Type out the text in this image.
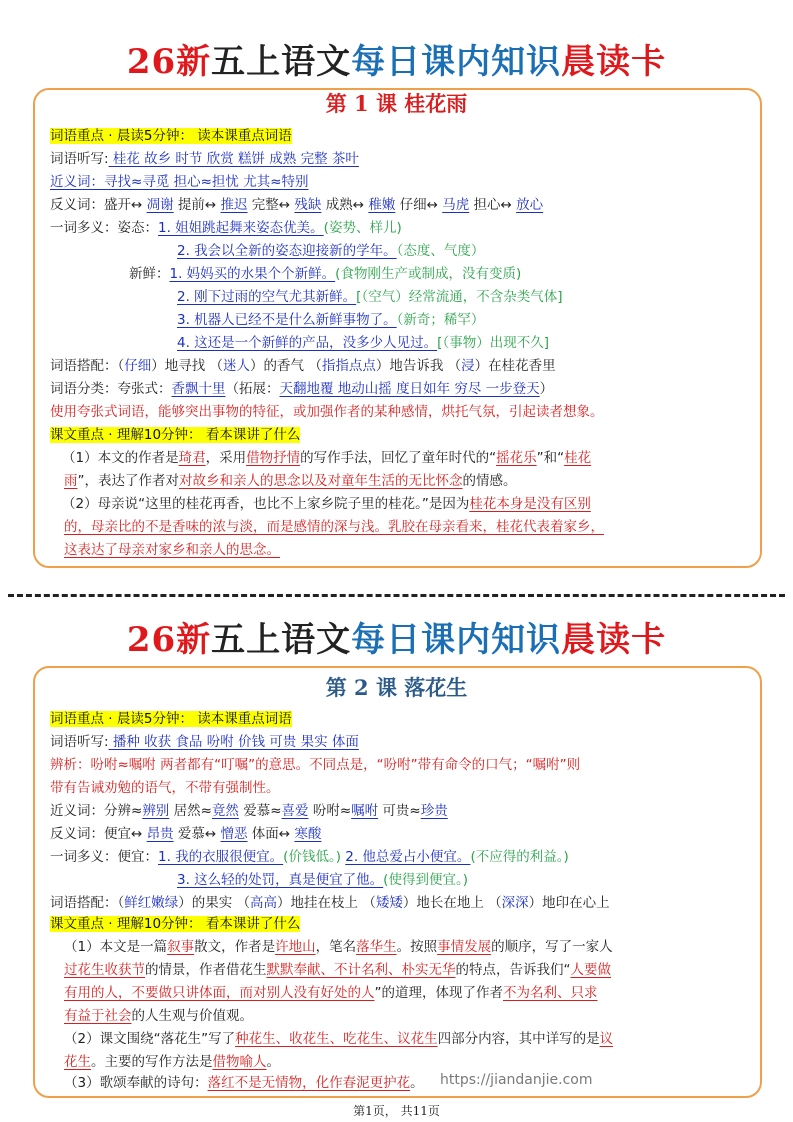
26新五上语文每日课内知识晨读卡
第 1 课 桂花雨
词语重点 · 晨读5分钟： 读本课重点词语
词语听写: 桂花 故乡 时节 欣赏 糕饼 成熟 完整 茶叶
近义词：寻找≈寻觅 担心≈担忧 尤其≈特别
反义词：盛开↔ 凋谢 提前↔ 推迟 完整↔ 残缺 成熟↔ 稚嫩 仔细↔ 马虎 担心↔ 放心
一词多义：姿态：1. 姐姐跳起舞来姿态优美。(姿势、样儿)
2. 我会以全新的姿态迎接新的学年。（态度、气度）
新鲜：1. 妈妈买的水果个个新鲜。(食物刚生产或制成，没有变质)
2. 刚下过雨的空气尤其新鲜。[（空气）经常流通，不含杂类气体]
3. 机器人已经不是什么新鲜事物了。（新奇；稀罕）
4. 这还是一个新鲜的产品，没多少人见过。[（事物）出现不久]
词语搭配：（仔细）地寻找 （迷人）的香气 （指指点点）地告诉我 （浸）在桂花香里
词语分类：夸张式：香飘十里（拓展：天翻地覆 地动山摇 度日如年 穷尽 一步登天）
使用夸张式词语，能够突出事物的特征，或加强作者的某种感情，烘托气氛，引起读者想象。
课文重点 · 理解10分钟： 看本课讲了什么
（1）本文的作者是琦君，采用借物抒情的写作手法，回忆了童年时代的“摇花乐”和“桂花
雨”，表达了作者对对故乡和亲人的思念以及对童年生活的无比怀念的情感。
（2）母亲说“这里的桂花再香，也比不上家乡院子里的桂花。”是因为桂花本身是没有区别
的，母亲比的不是香味的浓与淡，而是感情的深与浅。乳胶在母亲看来，桂花代表着家乡，
这表达了母亲对家乡和亲人的思念。
26新五上语文每日课内知识晨读卡
第 2 课 落花生
词语重点 · 晨读5分钟： 读本课重点词语
词语听写: 播种 收获 食品 吩咐 价钱 可贵 果实 体面
辨析：吩咐≈嘱咐 两者都有“叮嘱”的意思。不同点是，“吩咐”带有命令的口气；“嘱咐”则
带有告诫劝勉的语气，不带有强制性。
近义词：分辨≈辨别 居然≈竟然 爱慕≈喜爱 吩咐≈嘱咐 可贵≈珍贵
反义词：便宜↔ 昂贵 爱慕↔ 憎恶 体面↔ 寒酸
一词多义：便宜：1. 我的衣服很便宜。(价钱低。) 2. 他总爱占小便宜。(不应得的利益。)
3. 这么轻的处罚，真是便宜了他。(使得到便宜。)
词语搭配：（鲜红嫩绿）的果实 （高高）地挂在枝上 （矮矮）地长在地上 （深深）地印在心上
课文重点 · 理解10分钟： 看本课讲了什么
（1）本文是一篇叙事散文，作者是许地山，笔名落华生。按照事情发展的顺序，写了一家人
过花生收获节的情景，作者借花生默默奉献、不计名利、朴实无华的特点，告诉我们“人要做
有用的人，不要做只讲体面，而对别人没有好处的人”的道理，体现了作者不为名利、只求
有益于社会的人生观与价值观。
（2）课文围绕“落花生”写了种花生、收花生、吃花生、议花生四部分内容，其中详写的是议
花生。主要的写作方法是借物喻人。
（3）歌颂奉献的诗句：落红不是无情物，化作春泥更护花。	https://jiandanjie.com
第1页， 共11页
